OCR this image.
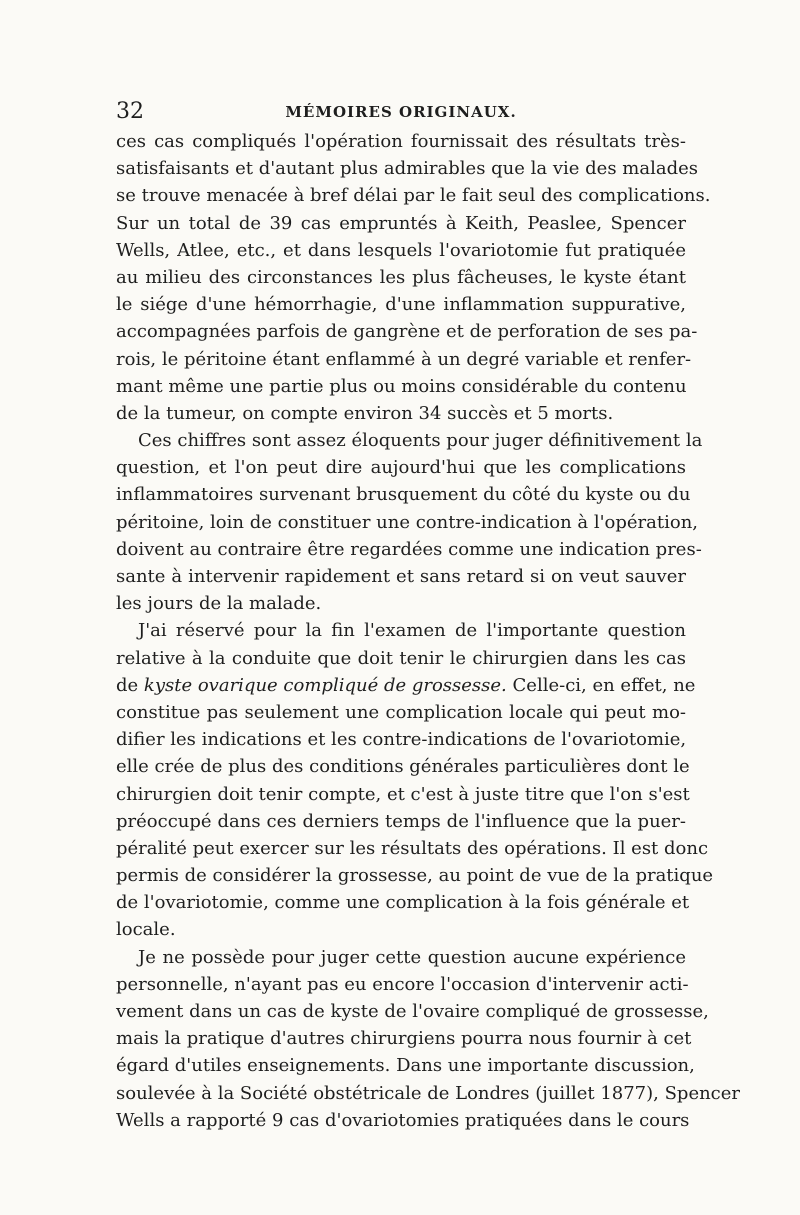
32	MÉMOIRES ORIGINAUX.
ces cas compliqués l'opération fournissait des résultats très-
satisfaisants et d'autant plus admirables que la vie des malades
se trouve menacée à bref délai par le fait seul des complications.
Sur un total de 39 cas empruntés à Keith, Peaslee, Spencer
Wells, Atlee, etc., et dans lesquels l'ovariotomie fut pratiquée
au milieu des circonstances les plus fâcheuses, le kyste étant
le siége d'une hémorrhagie, d'une inflammation suppurative,
accompagnées parfois de gangrène et de perforation de ses pa-
rois, le péritoine étant enflammé à un degré variable et renfer-
mant même une partie plus ou moins considérable du contenu
de la tumeur, on compte environ 34 succès et 5 morts.
Ces chiffres sont assez éloquents pour juger définitivement la
question, et l'on peut dire aujourd'hui que les complications
inflammatoires survenant brusquement du côté du kyste ou du
péritoine, loin de constituer une contre-indication à l'opération,
doivent au contraire être regardées comme une indication pres-
sante à intervenir rapidement et sans retard si on veut sauver
les jours de la malade.
J'ai réservé pour la fin l'examen de l'importante question
relative à la conduite que doit tenir le chirurgien dans les cas
de kyste ovarique compliqué de grossesse. Celle-ci, en effet, ne
constitue pas seulement une complication locale qui peut mo-
difier les indications et les contre-indications de l'ovariotomie,
elle crée de plus des conditions générales particulières dont le
chirurgien doit tenir compte, et c'est à juste titre que l'on s'est
préoccupé dans ces derniers temps de l'influence que la puer-
péralité peut exercer sur les résultats des opérations. Il est donc
permis de considérer la grossesse, au point de vue de la pratique
de l'ovariotomie, comme une complication à la fois générale et
locale.
Je ne possède pour juger cette question aucune expérience
personnelle, n'ayant pas eu encore l'occasion d'intervenir acti-
vement dans un cas de kyste de l'ovaire compliqué de grossesse,
mais la pratique d'autres chirurgiens pourra nous fournir à cet
égard d'utiles enseignements. Dans une importante discussion,
soulevée à la Société obstétricale de Londres (juillet 1877), Spencer
Wells a rapporté 9 cas d'ovariotomies pratiquées dans le cours
